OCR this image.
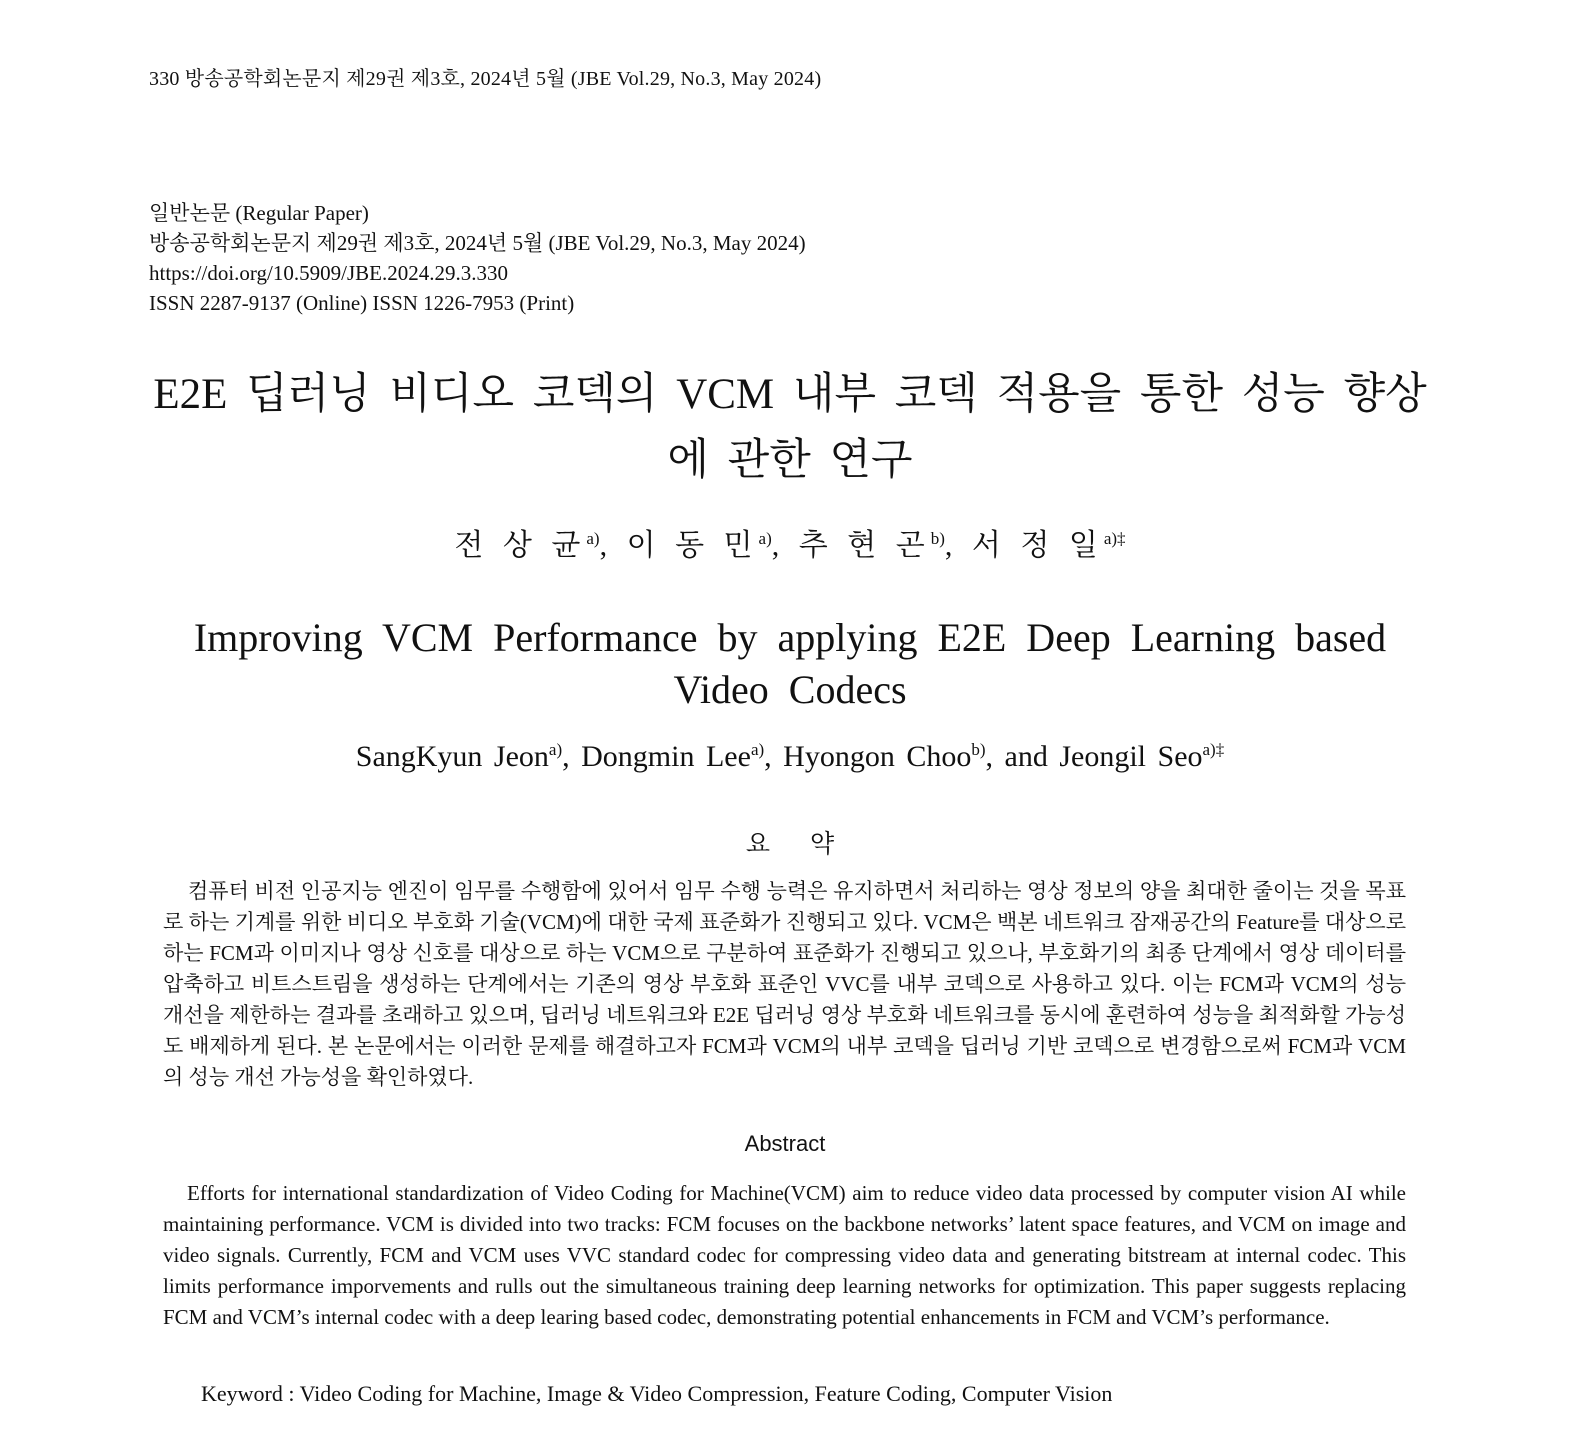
330 방송공학회논문지 제29권 제3호, 2024년 5월 (JBE Vol.29, No.3, May 2024)
일반논문 (Regular Paper)
방송공학회논문지 제29권 제3호, 2024년 5월 (JBE Vol.29, No.3, May 2024)
https://doi.org/10.5909/JBE.2024.29.3.330
ISSN 2287-9137 (Online) ISSN 1226-7953 (Print)
E2E 딥러닝 비디오 코덱의 VCM 내부 코덱 적용을 통한 성능 향상에 관한 연구
전 상 균$^{a)}$, 이 동 민$^{a)}$, 추 현 곤$^{b)}$, 서 정 일$^{a)\ddagger}$
Improving VCM Performance by applying E2E Deep Learning based Video Codecs
SangKyun Jeon$^{a)}$, Dongmin Lee$^{a)}$, Hyongon Choo$^{b)}$, and Jeongil Seo$^{a)\ddagger}$
요약
컴퓨터 비전 인공지능 엔진이 임무를 수행함에 있어서 임무 수행 능력은 유지하면서 처리하는 영상 정보의 양을 최대한 줄이는 것을 목표로 하는 기계를 위한 비디오 부호화 기술(VCM)에 대한 국제 표준화가 진행되고 있다. VCM은 백본 네트워크 잠재공간의 Feature를 대상으로 하는 FCM과 이미지나 영상 신호를 대상으로 하는 VCM으로 구분하여 표준화가 진행되고 있으나, 부호화기의 최종 단계에서 영상 데이터를 압축하고 비트스트림을 생성하는 단계에서는 기존의 영상 부호화 표준인 VVC를 내부 코덱으로 사용하고 있다. 이는 FCM과 VCM의 성능 개선을 제한하는 결과를 초래하고 있으며, 딥러닝 네트워크와 E2E 딥러닝 영상 부호화 네트워크를 동시에 훈련하여 성능을 최적화할 가능성도 배제하게 된다. 본 논문에서는 이러한 문제를 해결하고자 FCM과 VCM의 내부 코덱을 딥러닝 기반 코덱으로 변경함으로써 FCM과 VCM의 성능 개선 가능성을 확인하였다.
Abstract
Efforts for international standardization of Video Coding for Machine(VCM) aim to reduce video data processed by computer vision AI while maintaining performance. VCM is divided into two tracks: FCM focuses on the backbone networks’ latent space features, and VCM on image and video signals. Currently, FCM and VCM uses VVC standard codec for compressing video data and generating bitstream at internal codec. This limits performance imporvements and rulls out the simultaneous training deep learning networks for optimization. This paper suggests replacing FCM and VCM’s internal codec with a deep learing based codec, demonstrating potential enhancements in FCM and VCM’s performance.
Keyword : Video Coding for Machine, Image & Video Compression, Feature Coding, Computer Vision
